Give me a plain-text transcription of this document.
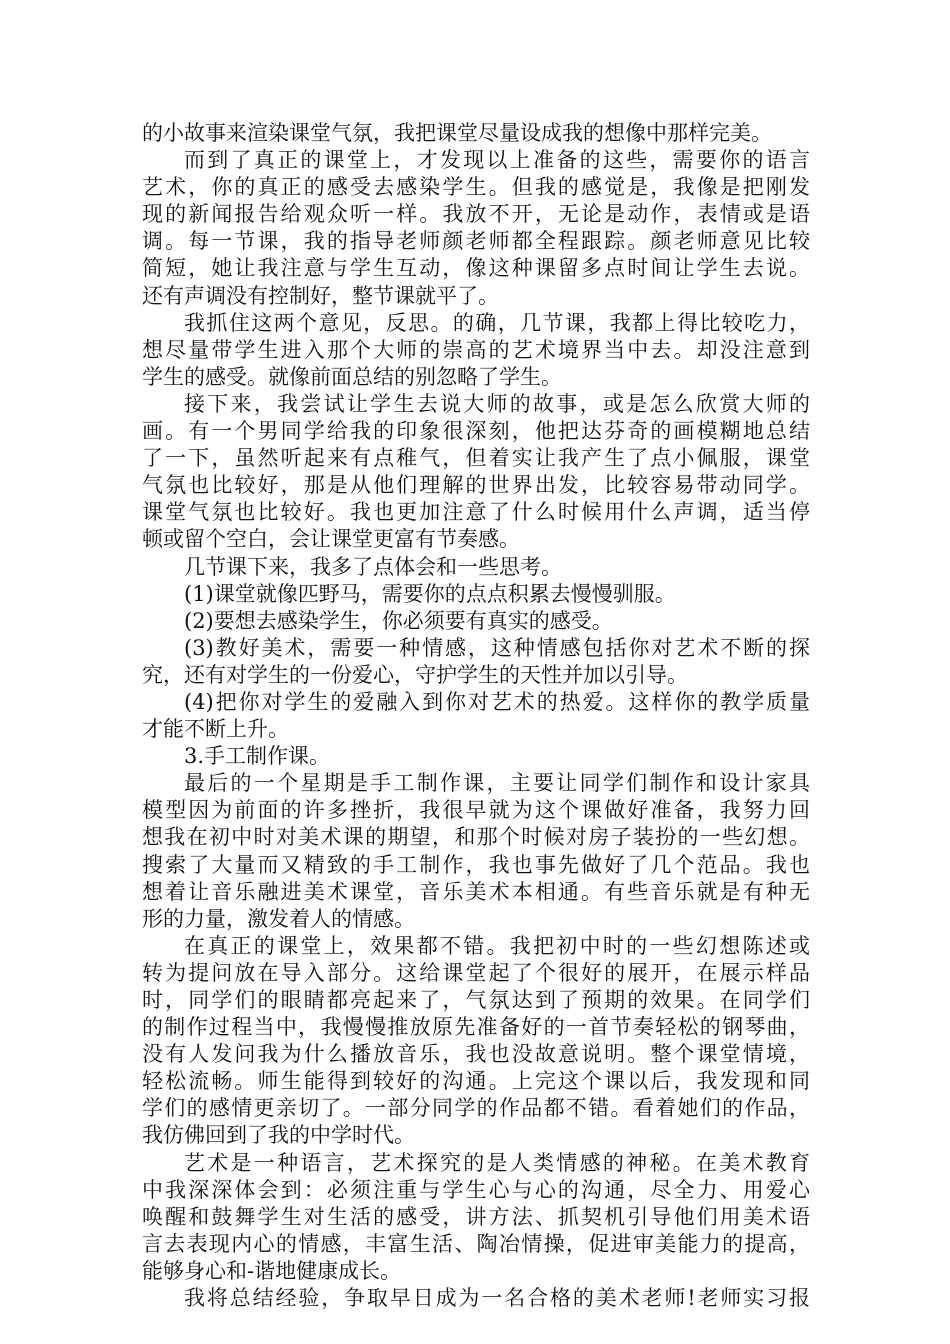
的小故事来渲染课堂气氛，我把课堂尽量设成我的想像中那样完美。
而到了真正的课堂上，才发现以上准备的这些，需要你的语言
艺术，你的真正的感受去感染学生。但我的感觉是，我像是把刚发
现的新闻报告给观众听一样。我放不开，无论是动作，表情或是语
调。每一节课，我的指导老师颜老师都全程跟踪。颜老师意见比较
简短，她让我注意与学生互动，像这种课留多点时间让学生去说。
还有声调没有控制好，整节课就平了。
我抓住这两个意见，反思。的确，几节课，我都上得比较吃力，
想尽量带学生进入那个大师的崇高的艺术境界当中去。却没注意到
学生的感受。就像前面总结的别忽略了学生。
接下来，我尝试让学生去说大师的故事，或是怎么欣赏大师的
画。有一个男同学给我的印象很深刻，他把达芬奇的画模糊地总结
了一下，虽然听起来有点稚气，但着实让我产生了点小佩服，课堂
气氛也比较好，那是从他们理解的世界出发，比较容易带动同学。
课堂气氛也比较好。我也更加注意了什么时候用什么声调，适当停
顿或留个空白，会让课堂更富有节奏感。
几节课下来，我多了点体会和一些思考。
(1)课堂就像匹野马，需要你的点点积累去慢慢驯服。
(2)要想去感染学生，你必须要有真实的感受。
(3)教好美术，需要一种情感，这种情感包括你对艺术不断的探
究，还有对学生的一份爱心，守护学生的天性并加以引导。
(4)把你对学生的爱融入到你对艺术的热爱。这样你的教学质量
才能不断上升。
3.手工制作课。
最后的一个星期是手工制作课，主要让同学们制作和设计家具
模型因为前面的许多挫折，我很早就为这个课做好准备，我努力回
想我在初中时对美术课的期望，和那个时候对房子装扮的一些幻想。
搜索了大量而又精致的手工制作，我也事先做好了几个范品。我也
想着让音乐融进美术课堂，音乐美术本相通。有些音乐就是有种无
形的力量，激发着人的情感。
在真正的课堂上，效果都不错。我把初中时的一些幻想陈述或
转为提问放在导入部分。这给课堂起了个很好的展开，在展示样品
时，同学们的眼睛都亮起来了，气氛达到了预期的效果。在同学们
的制作过程当中，我慢慢推放原先准备好的一首节奏轻松的钢琴曲，
没有人发问我为什么播放音乐，我也没故意说明。整个课堂情境，
轻松流畅。师生能得到较好的沟通。上完这个课以后，我发现和同
学们的感情更亲切了。一部分同学的作品都不错。看着她们的作品，
我仿佛回到了我的中学时代。
艺术是一种语言，艺术探究的是人类情感的神秘。在美术教育
中我深深体会到：必须注重与学生心与心的沟通，尽全力、用爱心
唤醒和鼓舞学生对生活的感受，讲方法、抓契机引导他们用美术语
言去表现内心的情感，丰富生活、陶冶情操，促进审美能力的提高，
能够身心和-谐地健康成长。
我将总结经验，争取早日成为一名合格的美术老师!老师实习报
